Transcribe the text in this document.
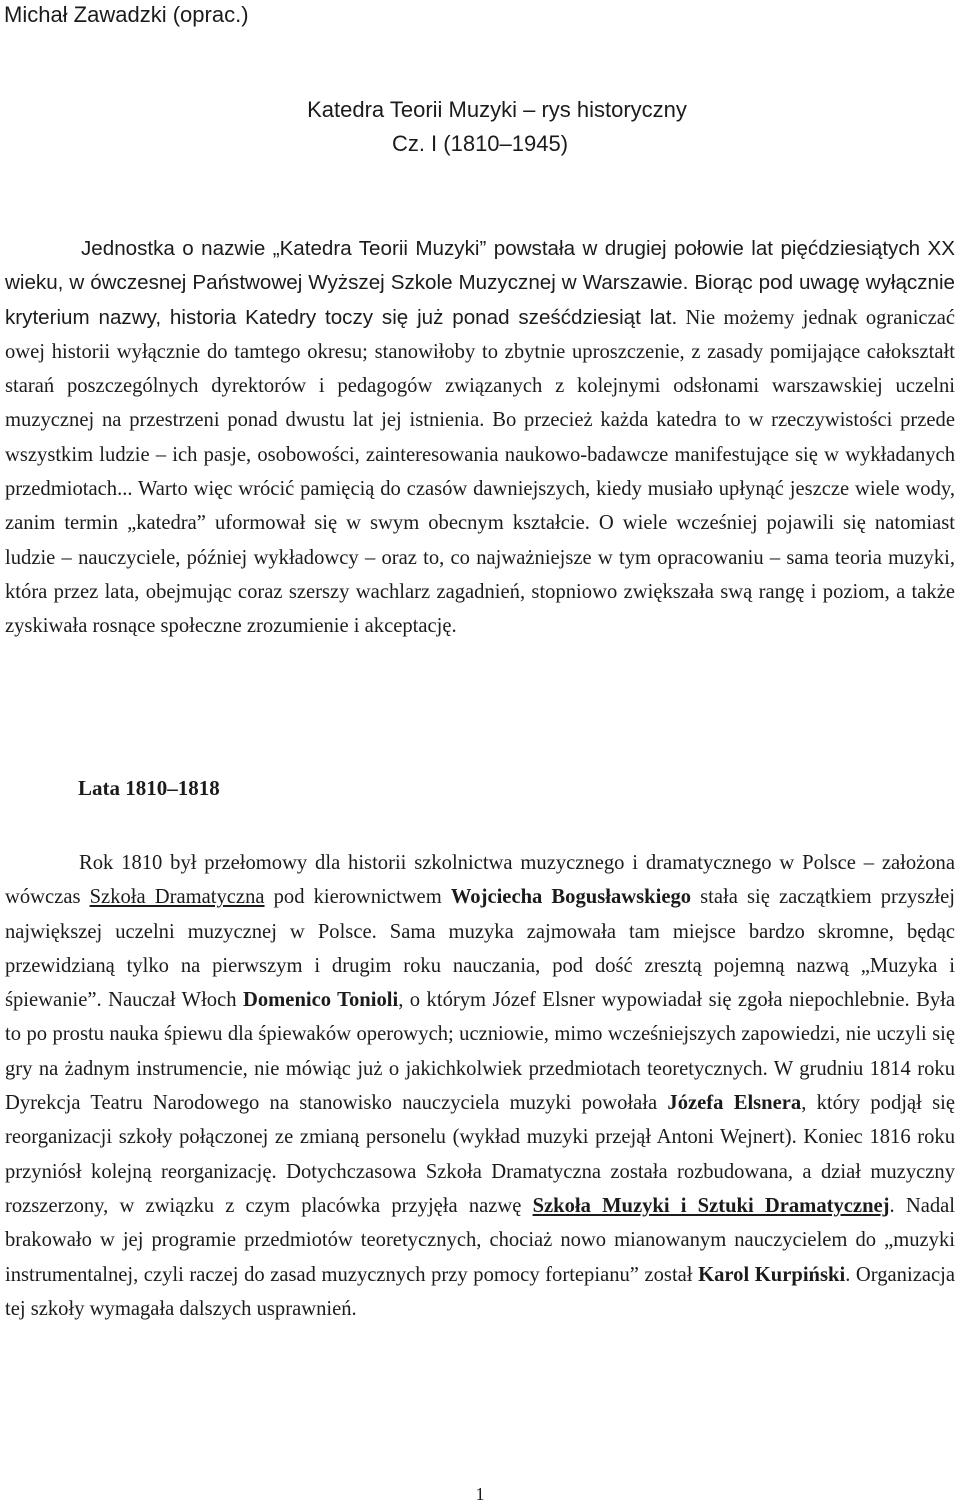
Michał Zawadzki (oprac.)
Katedra Teorii Muzyki – rys historyczny
Cz. I (1810–1945)

Jednostka o nazwie „Katedra Teorii Muzyki” powstała w drugiej połowie lat pięćdziesiątych XX wieku, w ówczesnej Państwowej Wyższej Szkole Muzycznej w Warszawie. Biorąc pod uwagę wyłącznie kryterium nazwy, historia Katedry toczy się już ponad sześćdziesiąt lat. Nie możemy jednak ograniczać owej historii wyłącznie do tamtego okresu; stanowiłoby to zbytnie uproszczenie, z zasady pomijające całokształt starań poszczególnych dyrektorów i pedagogów związanych z kolejnymi odsłonami warszawskiej uczelni muzycznej na przestrzeni ponad dwustu lat jej istnienia. Bo przecież każda katedra to w rzeczywistości przede wszystkim ludzie – ich pasje, osobowości, zainteresowania naukowo-badawcze manifestujące się w wykładanych przedmiotach... Warto więc wrócić pamięcią do czasów dawniejszych, kiedy musiało upłynąć jeszcze wiele wody, zanim termin „katedra” uformował się w swym obecnym kształcie. O wiele wcześniej pojawili się natomiast ludzie – nauczyciele, później wykładowcy – oraz to, co najważniejsze w tym opracowaniu – sama teoria muzyki, która przez lata, obejmując coraz szerszy wachlarz zagadnień, stopniowo zwiększała swą rangę i poziom, a także zyskiwała rosnące społeczne zrozumienie i akceptację.

Lata 1810–1818

Rok 1810 był przełomowy dla historii szkolnictwa muzycznego i dramatycznego w Polsce – założona wówczas Szkoła Dramatyczna pod kierownictwem Wojciecha Bogusławskiego stała się zaczątkiem przyszłej największej uczelni muzycznej w Polsce. Sama muzyka zajmowała tam miejsce bardzo skromne, będąc przewidzianą tylko na pierwszym i drugim roku nauczania, pod dość zresztą pojemną nazwą „Muzyka i śpiewanie”. Nauczał Włoch Domenico Tonioli, o którym Józef Elsner wypowiadał się zgoła niepochlebnie. Była to po prostu nauka śpiewu dla śpiewaków operowych; uczniowie, mimo wcześniejszych zapowiedzi, nie uczyli się gry na żadnym instrumencie, nie mówiąc już o jakichkolwiek przedmiotach teoretycznych. W grudniu 1814 roku Dyrekcja Teatru Narodowego na stanowisko nauczyciela muzyki powołała Józefa Elsnera, który podjął się reorganizacji szkoły połączonej ze zmianą personelu (wykład muzyki przejął Antoni Wejnert). Koniec 1816 roku przyniósł kolejną reorganizację. Dotychczasowa Szkoła Dramatyczna została rozbudowana, a dział muzyczny rozszerzony, w związku z czym placówka przyjęła nazwę Szkoła Muzyki i Sztuki Dramatycznej. Nadal brakowało w jej programie przedmiotów teoretycznych, chociaż nowo mianowanym nauczycielem do „muzyki instrumentalnej, czyli raczej do zasad muzycznych przy pomocy fortepianu” został Karol Kurpiński. Organizacja tej szkoły wymagała dalszych usprawnień.

1
